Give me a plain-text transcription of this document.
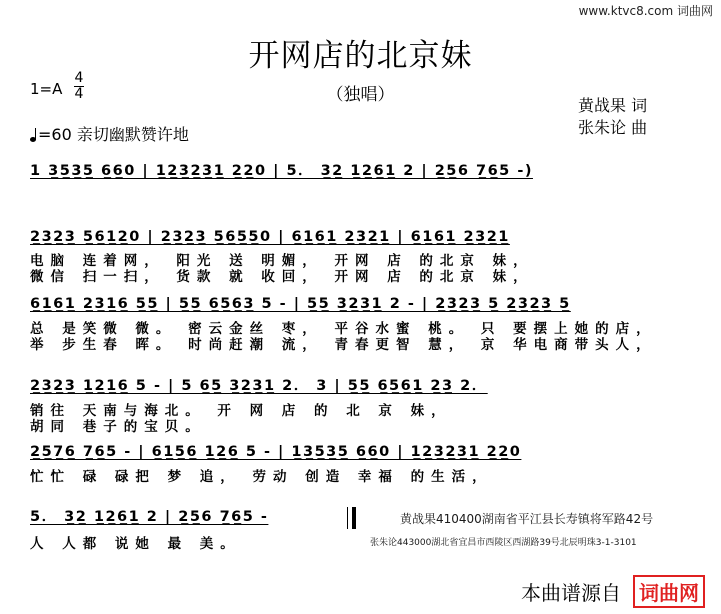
www.ktvc8.com 词曲网
开网店的北京妹
（独唱）
1=A
4
4
黄战果 词
张朱论 曲
=60 亲切幽默赞许地
1 3̲5̲3̲5̲ 6̲6̲0 | 1̲2̲3̲2̲3̲1̲ 2̲2̲0 | 5． 3̲2̲ 1̲2̲6̲1̲ 2 | 2̲5̲6 7̲6̲5 -)
2̲3̲2̲3̲ 5̲6̲1̲2̲0 | 2̲3̲2̲3̲ 5̲6̲5̲5̲0 | 6̲1̲6̲1̲ 2̲3̲2̲1̲ | 6̲1̲6̲1̲ 2̲3̲2̲1̲
电脑 连着网， 阳光 送 明媚， 开网 店 的北京 妹，
微信 扫一扫， 货款 就 收回， 开网 店 的北京 妹，
6̲1̲6̲1̲ 2̲3̲1̲6̲ 5̲5̲ | 5̲5̲ 6̲5̲6̲3̲ 5 - | 5̲5̲ 3̲2̲3̲1̲ 2 - | 2̲3̲2̲3̲ 5̲ 2̲3̲2̲3̲ 5̲
总 是笑微 微。 密云金丝 枣， 平谷水蜜 桃。 只 要摆上她的店，
举 步生春 晖。 时尚赶潮 流， 青春更智 慧， 京 华电商带头人，
2̲3̲2̲3̲ 1̲2̲1̲6̲ 5 - | 5 6̲5̲ 3̲2̲3̲1̲ 2． 3 | 5̲5̲ 6̲5̲6̲1̲ 2̲3̲ 2．
销往 天南与海北。 开 网 店 的 北 京 妹，
胡同 巷子的宝贝。
2̲5̲7̲6̲ 7̲6̲5 - | 6̲1̲5̲6̲ 1̲2̲6̲ 5 - | 1̲3̲5̲3̲5̲ 6̲6̲0 | 1̲2̲3̲2̲3̲1̲ 2̲2̲0
忙忙 碌 碌把 梦 追， 劳动 创造 幸福 的生活，
5． 3̲2̲ 1̲2̲6̲1̲ 2 | 2̲5̲6 7̲6̲5 -
人 人都 说她 最 美。
黄战果410400湖南省平江县长寿镇将军路42号
张朱论443000湖北省宜昌市西陵区西湖路39号北辰明珠3-1-3101
本曲谱源自 词曲网
